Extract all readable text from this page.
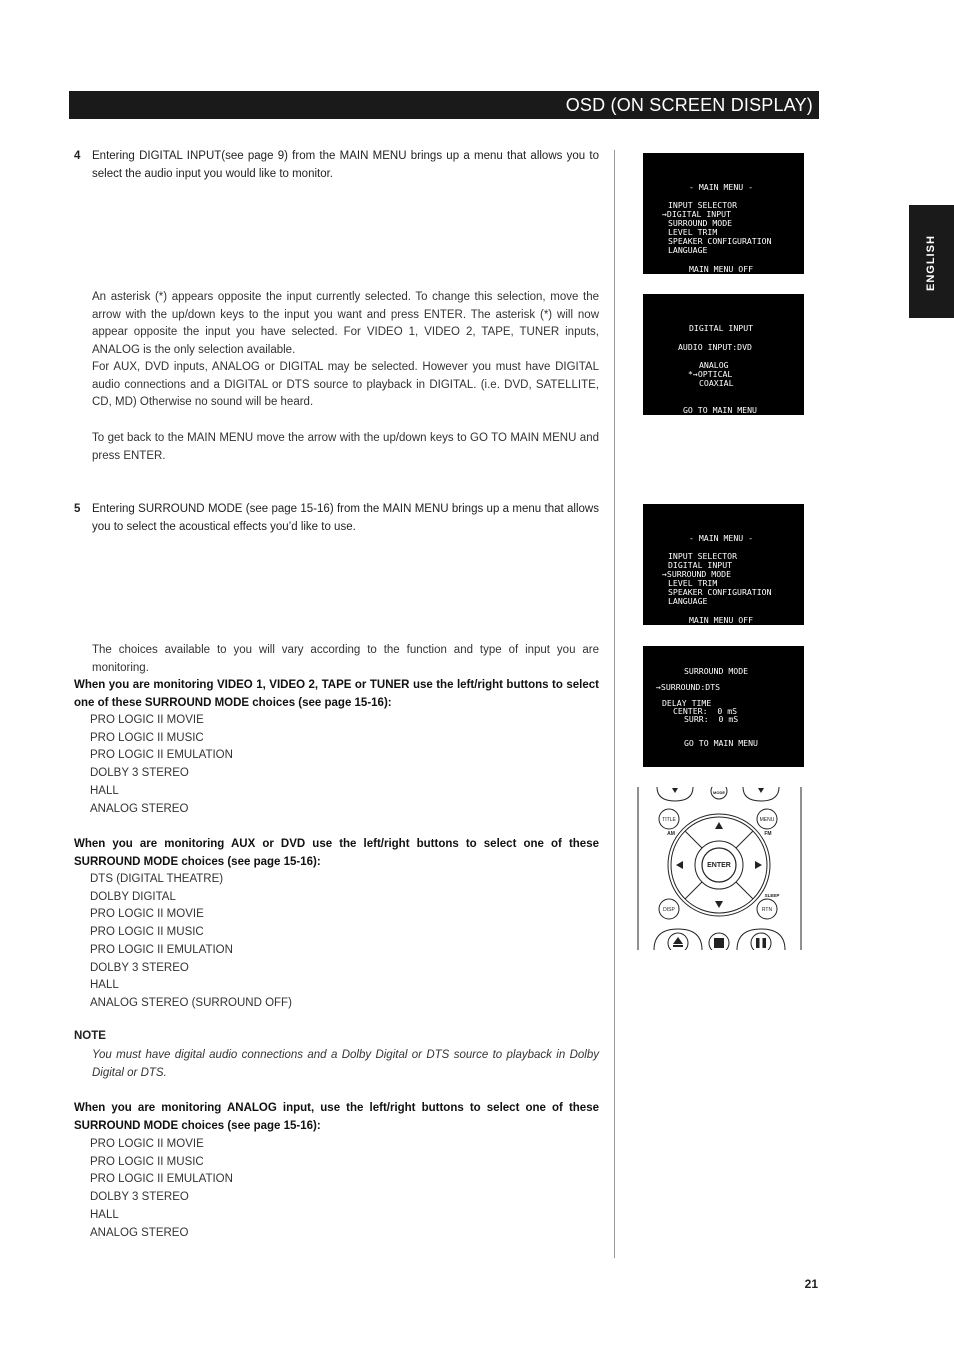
OSD (ON SCREEN DISPLAY)
ENGLISH
4 Entering DIGITAL INPUT(see page 9) from the MAIN MENU brings up a menu that allows you to select the audio input you would like to monitor.
An asterisk (*) appears opposite the input currently selected. To change this selection, move the arrow with the up/down keys to the input you want and press ENTER. The asterisk (*) will now appear opposite the input you have selected. For VIDEO 1, VIDEO 2, TAPE, TUNER inputs, ANALOG is the only selection available.
For AUX, DVD inputs, ANALOG or DIGITAL may be selected. However you must have DIGITAL audio connections and a DIGITAL or DTS source to playback in DIGITAL. (i.e. DVD, SATELLITE, CD, MD) Otherwise no sound will be heard.
To get back to the MAIN MENU move the arrow with the up/down keys to GO TO MAIN MENU and press ENTER.
5 Entering SURROUND MODE (see page 15-16) from the MAIN MENU brings up a menu that allows you to select the acoustical effects you’d like to use.
The choices available to you will vary according to the function and type of input you are monitoring.
When you are monitoring VIDEO 1, VIDEO 2, TAPE or TUNER use the left/right buttons to select one of these SURROUND MODE choices (see page 15-16):
PRO LOGIC II MOVIE
PRO LOGIC II MUSIC
PRO LOGIC II EMULATION
DOLBY 3 STEREO
HALL
ANALOG STEREO
When you are monitoring AUX or DVD use the left/right buttons to select one of these SURROUND MODE choices (see page 15-16):
DTS (DIGITAL THEATRE)
DOLBY DIGITAL
PRO LOGIC II MOVIE
PRO LOGIC II MUSIC
PRO LOGIC II EMULATION
DOLBY 3 STEREO
HALL
ANALOG STEREO (SURROUND OFF)
NOTE
You must have digital audio connections and a Dolby Digital or DTS source to playback in Dolby Digital or DTS.
When you are monitoring ANALOG input, use the left/right buttons to select one of these SURROUND MODE choices (see page 15-16):
PRO LOGIC II MOVIE
PRO LOGIC II MUSIC
PRO LOGIC II EMULATION
DOLBY 3 STEREO
HALL
ANALOG STEREO
21
- MAIN MENU -
INPUT SELECTOR
→DIGITAL INPUT
SURROUND MODE
LEVEL TRIM
SPEAKER CONFIGURATION
LANGUAGE
MAIN MENU OFF
DIGITAL INPUT
AUDIO INPUT:DVD
ANALOG
*→OPTICAL
COAXIAL
GO TO MAIN MENU
- MAIN MENU -
INPUT SELECTOR
DIGITAL INPUT
→SURROUND MODE
LEVEL TRIM
SPEAKER CONFIGURATION
LANGUAGE
MAIN MENU OFF
SURROUND MODE
→SURROUND:DTS
DELAY TIME
CENTER:  0 mS
SURR:  0 mS
GO TO MAIN MENU
MODE
TITLE	MENU
AM	FM
ENTER
SLEEP
DISP	RTN
